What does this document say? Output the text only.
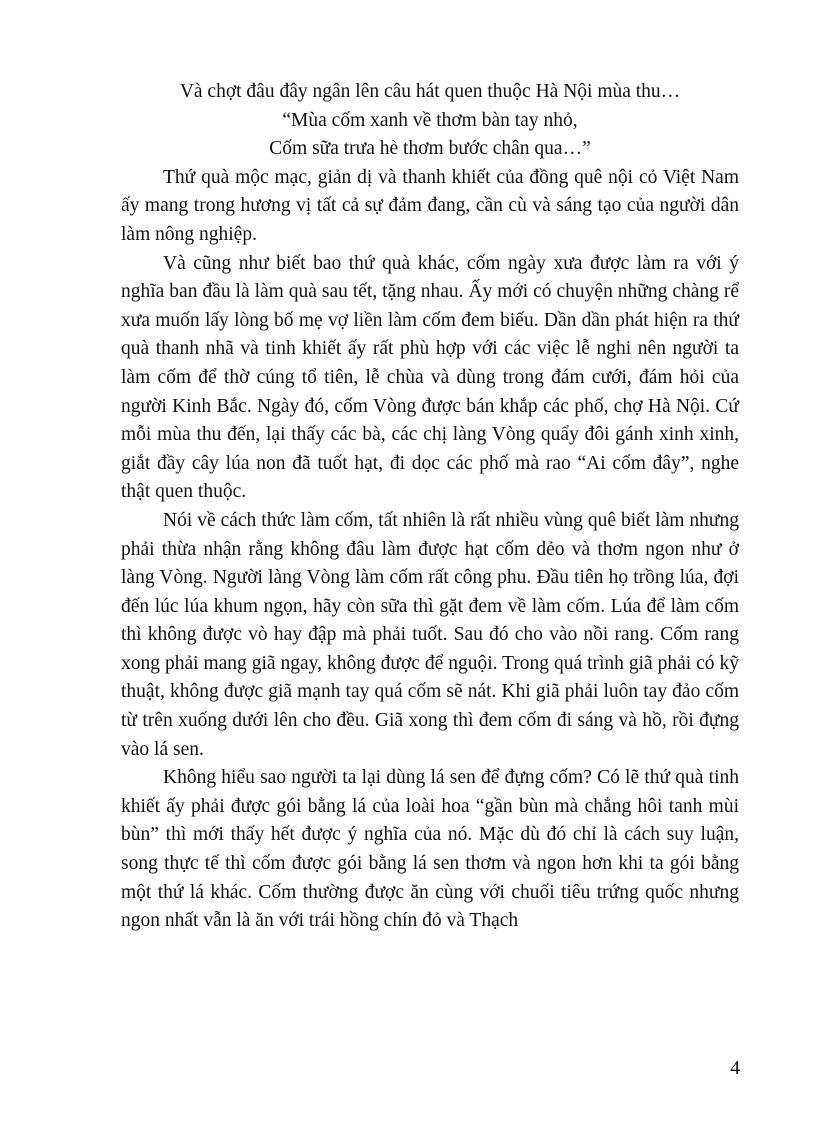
Và chợt đâu đây ngân lên câu hát quen thuộc Hà Nội mùa thu…

“Mùa cốm xanh về thơm bàn tay nhỏ,

Cốm sữa trưa hè thơm bước chân qua…”

Thứ quà mộc mạc, giản dị và thanh khiết của đồng quê nội cỏ Việt Nam ấy mang trong hương vị tất cả sự đảm đang, cần cù và sáng tạo của người dân làm nông nghiệp.

Và cũng như biết bao thứ quà khác, cốm ngày xưa được làm ra với ý nghĩa ban đầu là làm quà sau tết, tặng nhau. Ấy mới có chuyện những chàng rể xưa muốn lấy lòng bố mẹ vợ liền làm cốm đem biếu. Dần dần phát hiện ra thứ quà thanh nhã và tinh khiết ấy rất phù hợp với các việc lễ nghi nên người ta làm cốm để thờ cúng tổ tiên, lễ chùa và dùng trong đám cưới, đám hỏi của người Kinh Bắc. Ngày đó, cốm Vòng được bán khắp các phố, chợ Hà Nội. Cứ mỗi mùa thu đến, lại thấy các bà, các chị làng Vòng quẩy đôi gánh xinh xinh, giắt đầy cây lúa non đã tuốt hạt, đi dọc các phố mà rao “Ai cốm đây”, nghe thật quen thuộc.

Nói về cách thức làm cốm, tất nhiên là rất nhiều vùng quê biết làm nhưng phải thừa nhận rằng không đâu làm được hạt cốm dẻo và thơm ngon như ở làng Vòng. Người làng Vòng làm cốm rất công phu. Đầu tiên họ trồng lúa, đợi đến lúc lúa khum ngọn, hãy còn sữa thì gặt đem về làm cốm. Lúa để làm cốm thì không được vò hay đập mà phải tuốt. Sau đó cho vào nồi rang. Cốm rang xong phải mang giã ngay, không được để nguội. Trong quá trình giã phải có kỹ thuật, không được giã mạnh tay quá cốm sẽ nát. Khi giã phải luôn tay đảo cốm từ trên xuống dưới lên cho đều. Giã xong thì đem cốm đi sáng và hồ, rồi đựng vào lá sen.

Không hiểu sao người ta lại dùng lá sen để đựng cốm? Có lẽ thứ quà tinh khiết ấy phải được gói bằng lá của loài hoa “gần bùn mà chẳng hôi tanh mùi bùn” thì mới thấy hết được ý nghĩa của nó. Mặc dù đó chỉ là cách suy luận, song thực tế thì cốm được gói bằng lá sen thơm và ngon hơn khi ta gói bằng một thứ lá khác. Cốm thường được ăn cùng với chuối tiêu trứng quốc nhưng ngon nhất vẫn là ăn với trái hồng chín đỏ và Thạch

4
